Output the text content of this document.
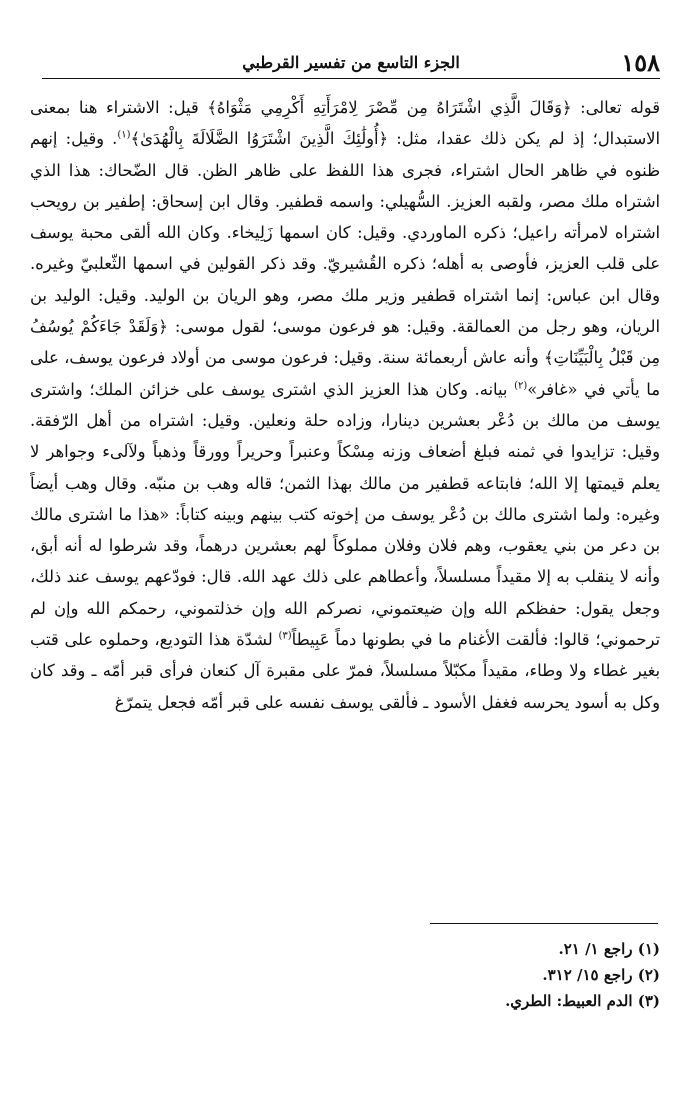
١٥٨
الجزء التاسع من تفسير القرطبي

قوله تعالى: ﴿وَقَالَ الَّذِي اشْتَرَاهُ مِن مِّصْرَ لِامْرَأَتِهِ أَكْرِمِي مَثْوَاهُ﴾ قيل: الاشتراء هنا بمعنى الاستبدال؛ إذ لم يكن ذلك عقدا، مثل: ﴿أُولَٰئِكَ الَّذِينَ اشْتَرَوُا الضَّلَالَةَ بِالْهُدَىٰ﴾$^{(١)}$. وقيل: إنهم ظنوه في ظاهر الحال اشتراء، فجرى هذا اللفظ على ظاهر الظن. قال الضّحاك: هذا الذي اشتراه ملك مصر، ولقبه العزيز. السُّهيلي: واسمه قطفير. وقال ابن إسحاق: إطفير بن رويحب اشتراه لامرأته راعيل؛ ذكره الماوردي. وقيل: كان اسمها زَلِيخاء. وكان الله ألقى محبة يوسف على قلب العزيز، فأوصى به أهله؛ ذكره القُشيريّ. وقد ذكر القولين في اسمها الثّعلبيّ وغيره. وقال ابن عباس: إنما اشتراه قطفير وزير ملك مصر، وهو الريان بن الوليد. وقيل: الوليد بن الريان، وهو رجل من العمالقة. وقيل: هو فرعون موسى؛ لقول موسى: ﴿وَلَقَدْ جَاءَكُمْ يُوسُفُ مِن قَبْلُ بِالْبَيِّنَاتِ﴾ وأنه عاش أربعمائة سنة. وقيل: فرعون موسى من أولاد فرعون يوسف، على ما يأتي في «غافر»$^{(٢)}$ بيانه. وكان هذا العزيز الذي اشترى يوسف على خزائن الملك؛ واشترى يوسف من مالك بن دُعْر بعشرين دينارا، وزاده حلة ونعلين. وقيل: اشتراه من أهل الرّفقة. وقيل: تزايدوا في ثمنه فبلغ أضعاف وزنه مِسْكاً وعنبراً وحريراً وورقاً وذهباً ولآلىء وجواهر لا يعلم قيمتها إلا الله؛ فابتاعه قطفير من مالك بهذا الثمن؛ قاله وهب بن منبّه. وقال وهب أيضاً وغيره: ولما اشترى مالك بن دُعْر يوسف من إخوته كتب بينهم وبينه كتاباً: «هذا ما اشترى مالك بن دعر من بني يعقوب، وهم فلان وفلان مملوكاً لهم بعشرين درهماً، وقد شرطوا له أنه أبق، وأنه لا ينقلب به إلا مقيداً مسلسلاً، وأعطاهم على ذلك عهد الله. قال: فودّعهم يوسف عند ذلك، وجعل يقول: حفظكم الله وإن ضيعتموني، نصركم الله وإن خذلتموني، رحمكم الله وإن لم ترحموني؛ قالوا: فألقت الأغنام ما في بطونها دماً عَبِيطاً$^{(٣)}$ لشدّة هذا التوديع، وحملوه على قتب بغير غطاء ولا وطاء، مقيداً مكبّلاً مسلسلاً، فمرّ على مقبرة آل كنعان فرأى قبر أمّه ـ وقد كان وكل به أسود يحرسه فغفل الأسود ـ فألقى يوسف نفسه على قبر أمّه فجعل يتمرّغ

(١) راجع ١/ ٢١.
(٢) راجع ١٥/ ٣١٢.
(٣) الدم العبيط: الطري.
